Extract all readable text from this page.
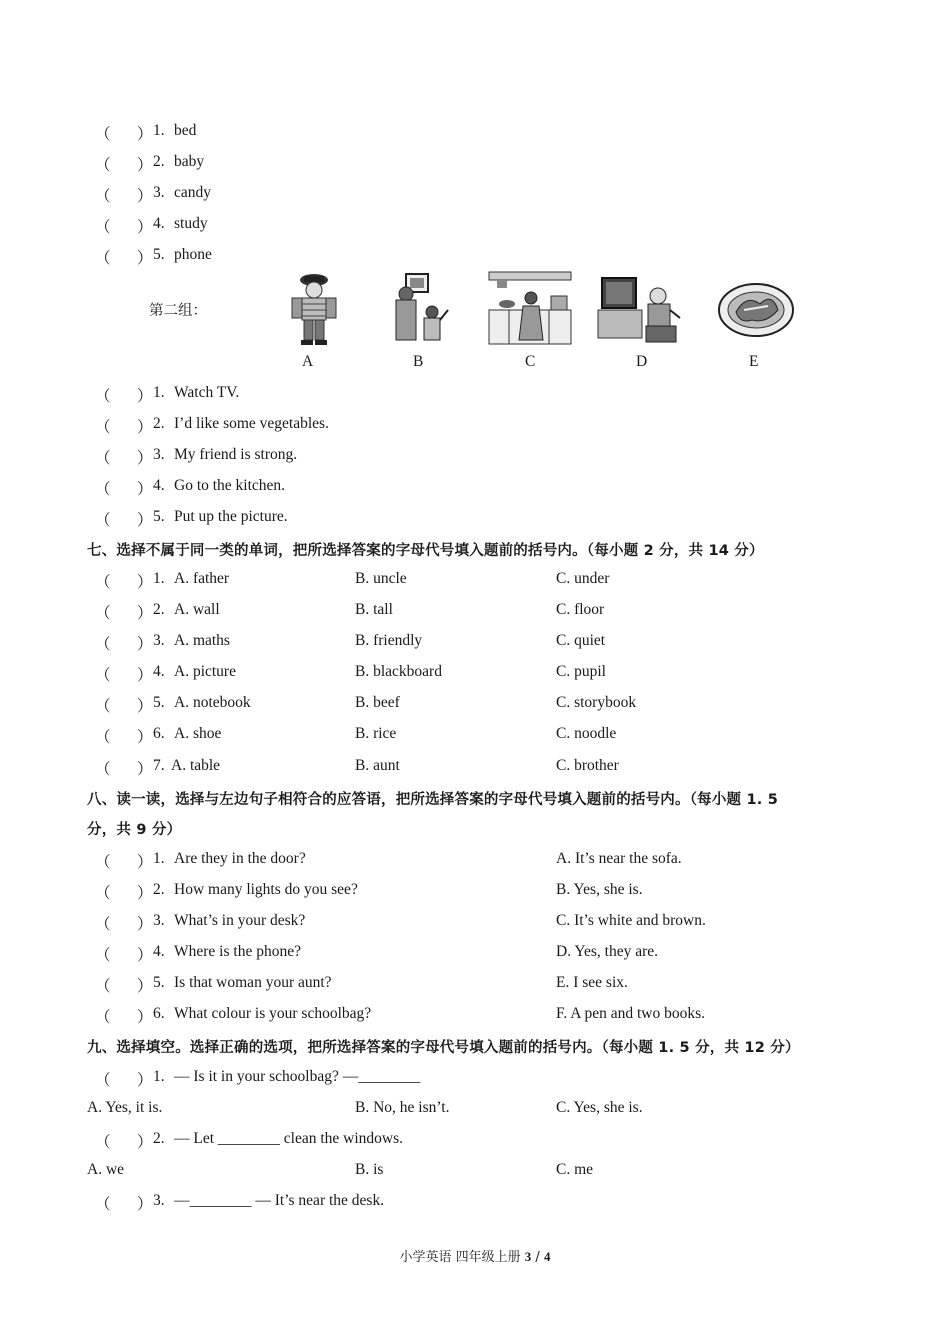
（ ） 1. bed
（ ） 2. baby
（ ） 3. candy
（ ） 4. study
（ ） 5. phone
第二组：
A	B	C	D	E
（ ） 1. Watch TV.
（ ） 2. I’d like some vegetables.
（ ） 3. My friend is strong.
（ ） 4. Go to the kitchen.
（ ） 5. Put up the picture.
七、选择不属于同一类的单词，把所选择答案的字母代号填入题前的括号内。（每小题 2 分，共 14 分）
（ ） 1. A. father	B. uncle	C. under
（ ） 2. A. wall	B. tall	C. floor
（ ） 3. A. maths	B. friendly	C. quiet
（ ） 4. A. picture	B. blackboard	C. pupil
（ ） 5. A. notebook	B. beef	C. storybook
（ ） 6. A. shoe	B. rice	C. noodle
（ ） 7. A. table	B. aunt	C. brother
八、读一读，选择与左边句子相符合的应答语，把所选择答案的字母代号填入题前的括号内。（每小题 1. 5
分，共 9 分）
（ ） 1. Are they in the door?	A. It’s near the sofa.
（ ） 2. How many lights do you see?	B. Yes, she is.
（ ） 3. What’s in your desk?	C. It’s white and brown.
（ ） 4. Where is the phone?	D. Yes, they are.
（ ） 5. Is that woman your aunt?	E. I see six.
（ ） 6. What colour is your schoolbag?	F. A pen and two books.
九、选择填空。选择正确的选项，把所选择答案的字母代号填入题前的括号内。（每小题 1. 5 分，共 12 分）
（ ） 1. — Is it in your schoolbag? —________
A. Yes, it is.	B. No, he isn’t.	C. Yes, she is.
（ ） 2. — Let ________ clean the windows.
A. we	B. is	C. me
（ ） 3. —________ — It’s near the desk.
小学英语 四年级上册 3 / 4
